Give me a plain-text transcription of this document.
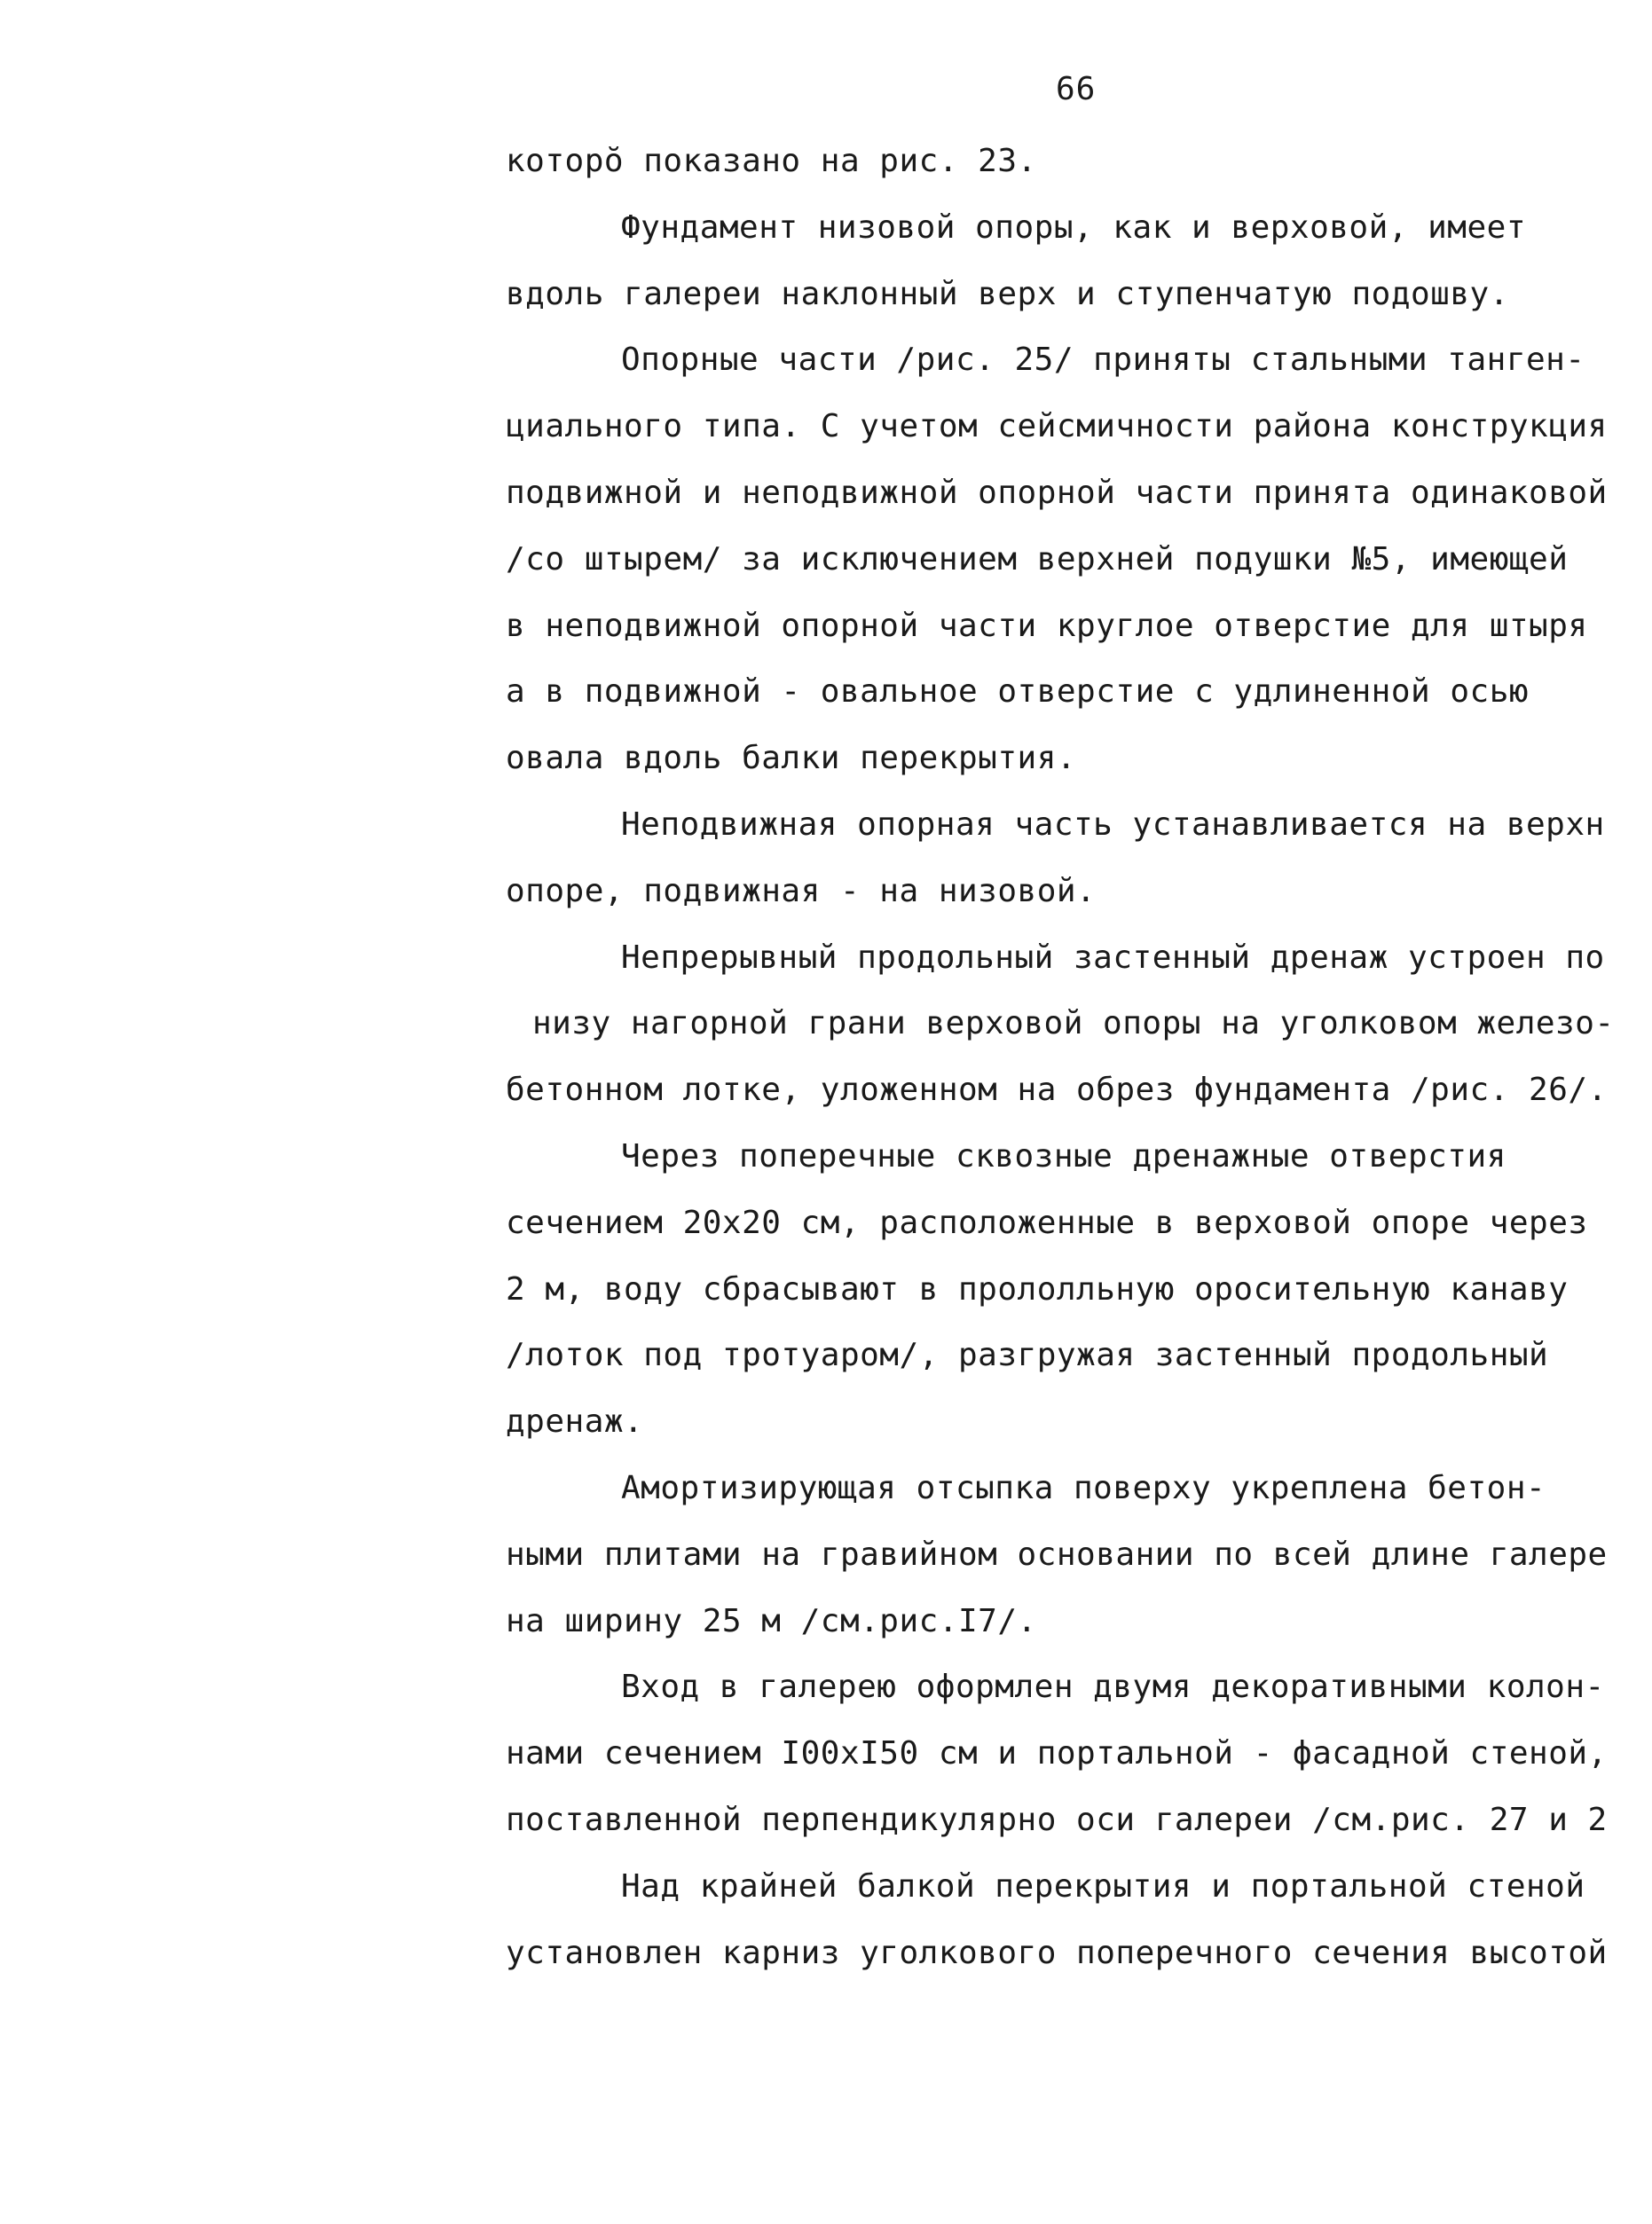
66
которо̆ показано на рис. 23.
Фундамент низовой опоры, как и верховой, имеет
вдоль галереи наклонный верх и ступенчатую подошву.
Опорные части /рис. 25/ приняты стальными танген-
циального типа. С учетом сейсмичности района конструкция
подвижной и неподвижной опорной части принята одинаковой
/со штырем/ за исключением верхней подушки №5, имеющей
в неподвижной опорной части круглое отверстие для штыря
а в подвижной - овальное отверстие с удлиненной осью
овала вдоль балки перекрытия.
Неподвижная опорная часть устанавливается на верхн
опоре, подвижная - на низовой.
Непрерывный продольный застенный дренаж устроен по
низу нагорной грани верховой опоры на уголковом железо-
бетонном лотке, уложенном на обрез фундамента /рис. 26/.
Через поперечные сквозные дренажные отверстия
сечением 20х20 см, расположенные в верховой опоре через
2 м, воду сбрасывают в прололльную оросительную канаву
/лоток под тротуаром/, разгружая застенный продольный
дренаж.
Амортизирующая отсыпка поверху укреплена бетон-
ными плитами на гравийном основании по всей длине галере
на ширину 25 м /см.рис.I7/.
Вход в галерею оформлен двумя декоративными колон-
нами сечением I00хI50 см и портальной - фасадной стеной,
поставленной перпендикулярно оси галереи /см.рис. 27 и 2
Над крайней балкой перекрытия и портальной стеной
установлен карниз уголкового поперечного сечения высотой
